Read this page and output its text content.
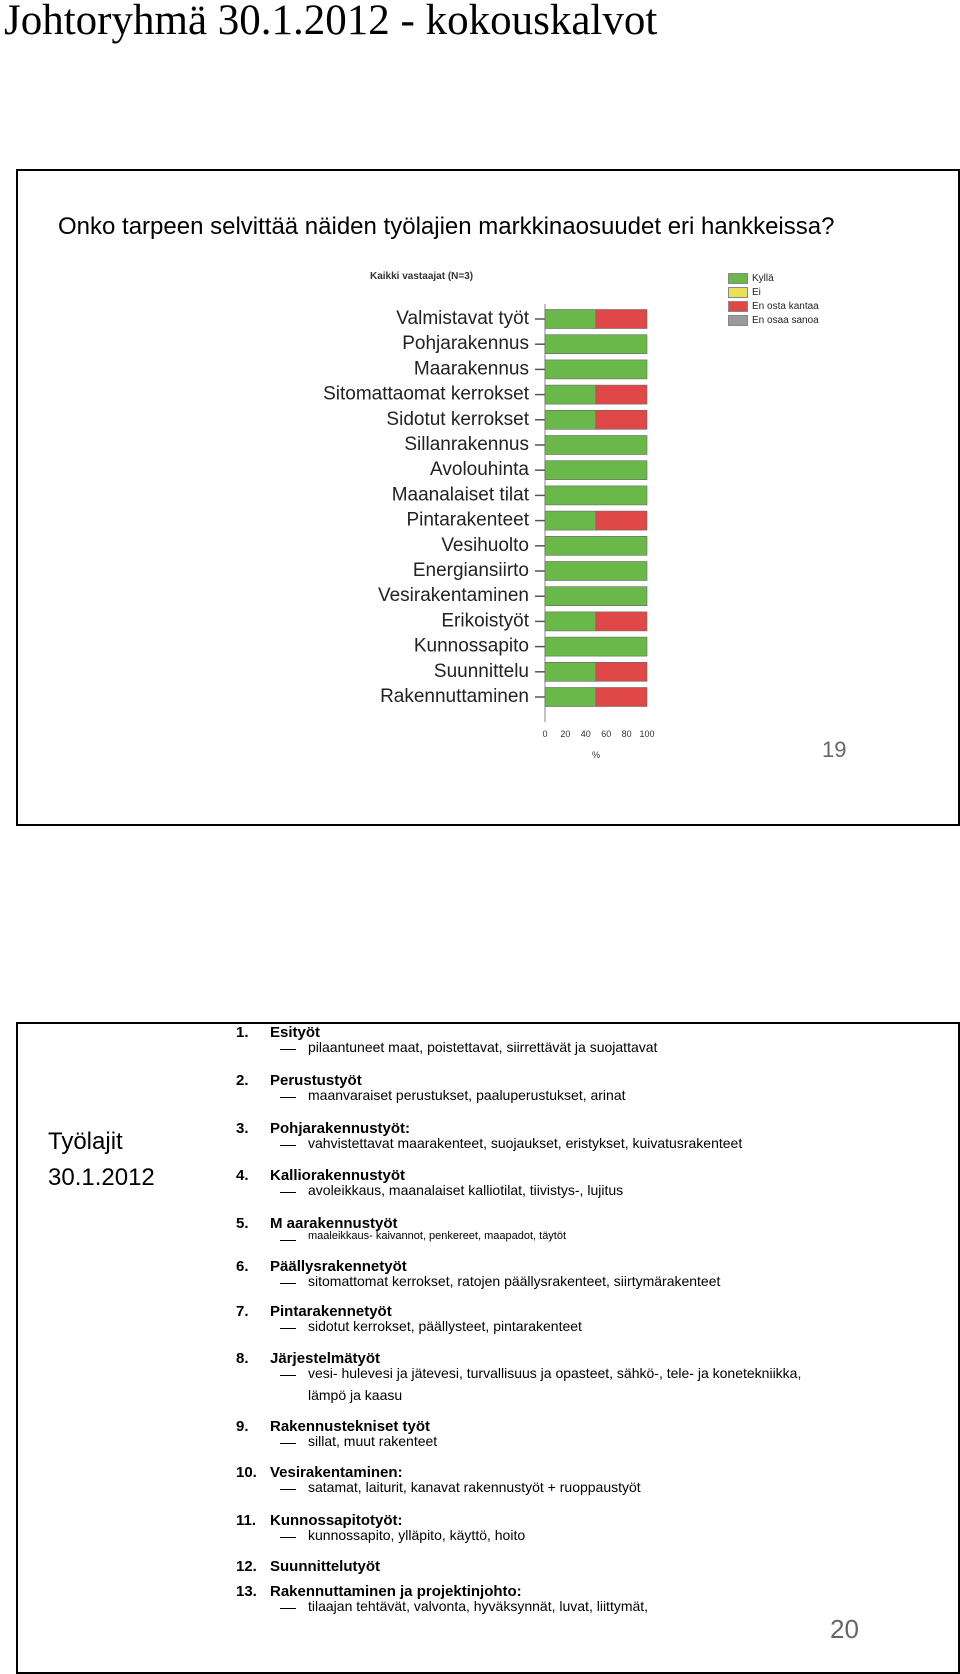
Johtoryhmä 30.1.2012 - kokouskalvot
Onko tarpeen selvittää näiden työlajien markkinaosuudet eri hankkeissa?
Kaikki vastaajat (N=3)
Valmistavat työt
Pohjarakennus
Maarakennus
Sitomattaomat kerrokset
Sidotut kerrokset
Sillanrakennus
Avolouhinta
Maanalaiset tilat
Pintarakenteet
Vesihuolto
Energiansiirto
Vesirakentaminen
Erikoistyöt
Kunnossapito
Suunnittelu
Rakennuttaminen
0 20 40 60 80 100
%
Kyllä
Ei
En osta kantaa
En osaa sanoa
19
Työlajit
30.1.2012
1. Esityöt
pilaantuneet maat, poistettavat, siirrettävät ja suojattavat
2. Perustustyöt
maanvaraiset perustukset, paaluperustukset, arinat
3. Pohjarakennustyöt:
vahvistettavat maarakenteet, suojaukset, eristykset, kuivatusrakenteet
4. Kalliorakennustyöt
avoleikkaus, maanalaiset kalliotilat, tiivistys-, lujitus
5. M aarakennustyöt
maaleikkaus- kaivannot, penkereet, maapadot, täytöt
6. Päällysrakennetyöt
sitomattomat kerrokset, ratojen päällysrakenteet, siirtymärakenteet
7. Pintarakennetyöt
sidotut kerrokset, päällysteet, pintarakenteet
8. Järjestelmätyöt
vesi- hulevesi ja jätevesi, turvallisuus ja opasteet, sähkö-, tele- ja konetekniikka,
lämpö ja kaasu
9. Rakennustekniset työt
sillat, muut rakenteet
10. Vesirakentaminen:
satamat, laiturit, kanavat rakennustyöt + ruoppaustyöt
11. Kunnossapitotyöt:
kunnossapito, ylläpito, käyttö, hoito
12. Suunnittelutyöt
13. Rakennuttaminen ja projektinjohto:
tilaajan tehtävät, valvonta, hyväksynnät, luvat, liittymät,
20
